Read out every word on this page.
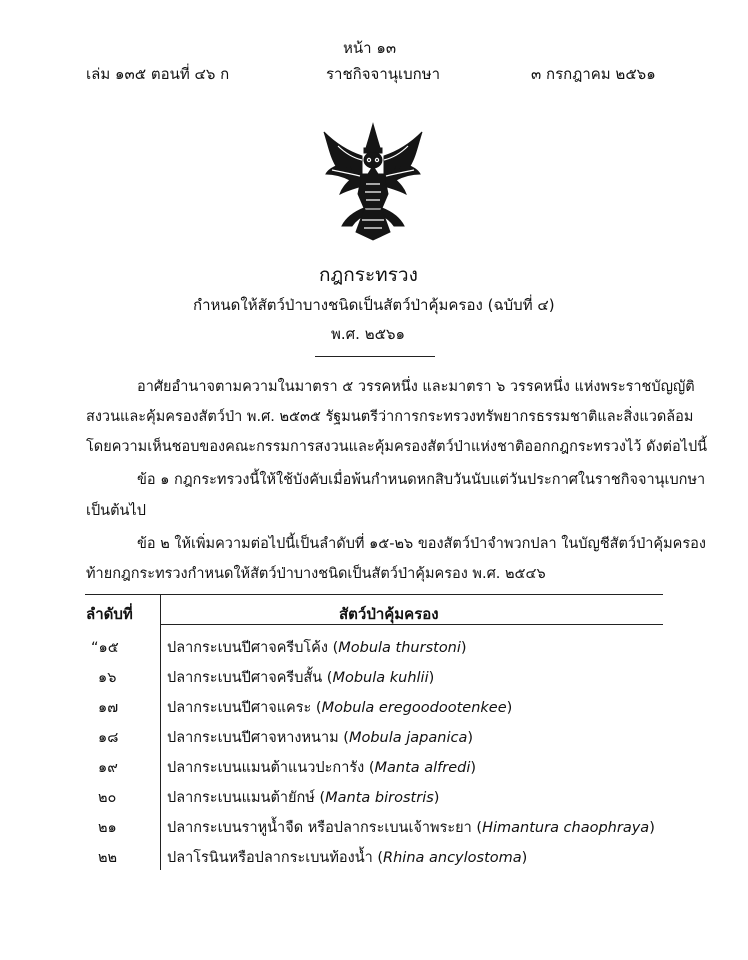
หน้า ๑๓
เล่ม ๑๓๕ ตอนที่ ๔๖ ก	ราชกิจจานุเบกษา	๓ กรกฎาคม ๒๕๖๑
กฎกระทรวง
กำหนดให้สัตว์ป่าบางชนิดเป็นสัตว์ป่าคุ้มครอง (ฉบับที่ ๔)
พ.ศ. ๒๕๖๑
อาศัยอำนาจตามความในมาตรา ๕ วรรคหนึ่ง และมาตรา ๖ วรรคหนึ่ง แห่งพระราชบัญญัติ
สงวนและคุ้มครองสัตว์ป่า พ.ศ. ๒๕๓๕ รัฐมนตรีว่าการกระทรวงทรัพยากรธรรมชาติและสิ่งแวดล้อม
โดยความเห็นชอบของคณะกรรมการสงวนและคุ้มครองสัตว์ป่าแห่งชาติออกกฎกระทรวงไว้ ดังต่อไปนี้
ข้อ ๑ กฎกระทรวงนี้ให้ใช้บังคับเมื่อพ้นกำหนดหกสิบวันนับแต่วันประกาศในราชกิจจานุเบกษา
เป็นต้นไป
ข้อ ๒ ให้เพิ่มความต่อไปนี้เป็นลำดับที่ ๑๕-๒๖ ของสัตว์ป่าจำพวกปลา ในบัญชีสัตว์ป่าคุ้มครอง
ท้ายกฎกระทรวงกำหนดให้สัตว์ป่าบางชนิดเป็นสัตว์ป่าคุ้มครอง พ.ศ. ๒๕๔๖
ลำดับที่	สัตว์ป่าคุ้มครอง
“๑๕	ปลากระเบนปีศาจครีบโค้ง (Mobula thurstoni)
๑๖	ปลากระเบนปีศาจครีบสั้น (Mobula kuhlii)
๑๗	ปลากระเบนปีศาจแคระ (Mobula eregoodootenkee)
๑๘	ปลากระเบนปีศาจหางหนาม (Mobula japanica)
๑๙	ปลากระเบนแมนต้าแนวปะการัง (Manta alfredi)
๒๐	ปลากระเบนแมนต้ายักษ์ (Manta birostris)
๒๑	ปลากระเบนราหูน้ำจืด หรือปลากระเบนเจ้าพระยา (Himantura chaophraya)
๒๒	ปลาโรนินหรือปลากระเบนท้องน้ำ (Rhina ancylostoma)
